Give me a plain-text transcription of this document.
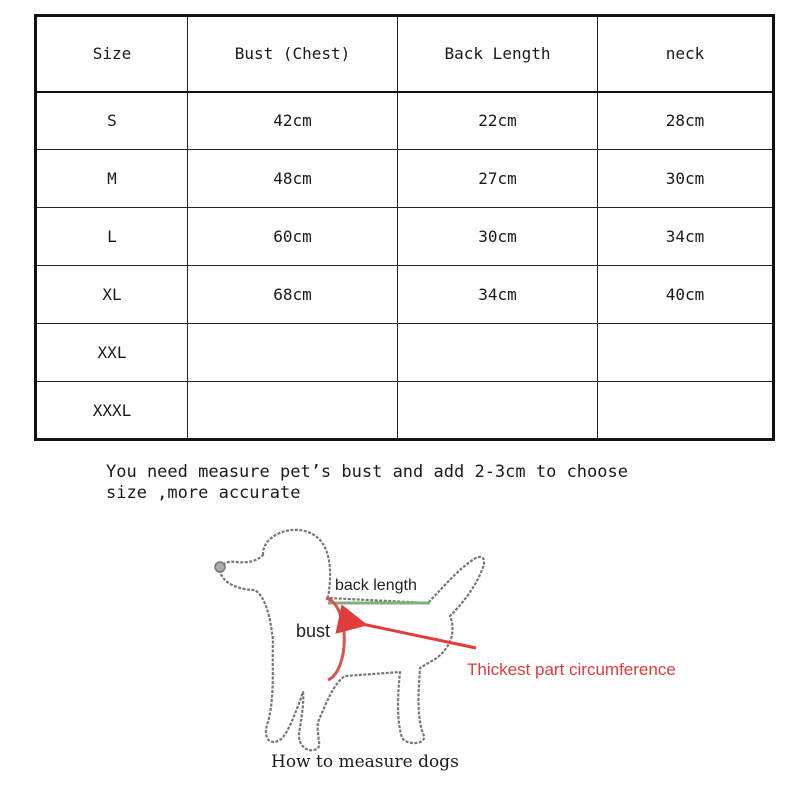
Size	Bust (Chest)	Back Length	neck
S	42cm	22cm	28cm
M	48cm	27cm	30cm
L	60cm	30cm	34cm
XL	68cm	34cm	40cm
XXL			
XXXL			

You need measure pet’s bust and add 2-3cm to choose
size ,more accurate

back length
bust
Thickest part circumference
How to measure dogs
